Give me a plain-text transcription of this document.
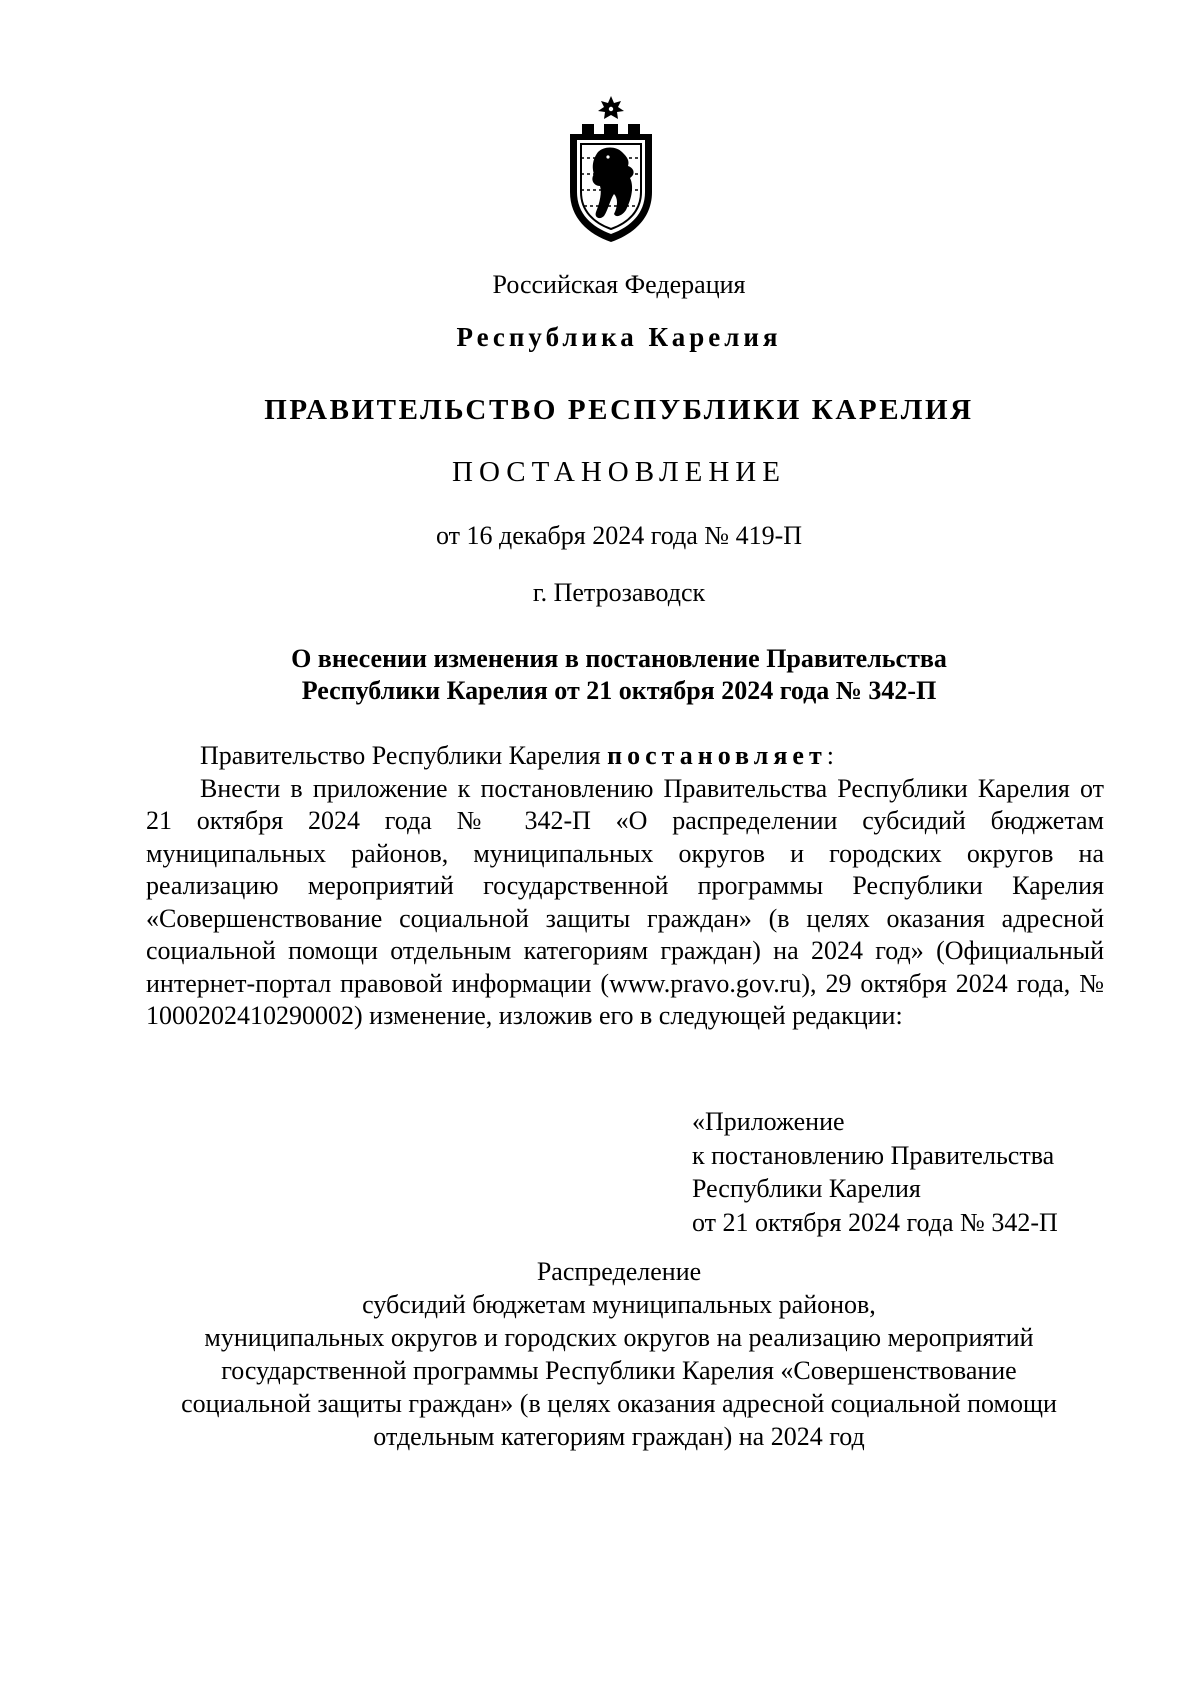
Российская Федерация
Республика Карелия
ПРАВИТЕЛЬСТВО РЕСПУБЛИКИ КАРЕЛИЯ
ПОСТАНОВЛЕНИЕ
от 16 декабря 2024 года № 419-П
г. Петрозаводск
О внесении изменения в постановление Правительства
Республики Карелия от 21 октября 2024 года № 342-П

Правительство Республики Карелия постановляет:

Внести в приложение к постановлению Правительства Республики Карелия от 21 октября 2024 года № 342-П «О распределении субсидий бюджетам муниципальных районов, муниципальных округов и городских округов на реализацию мероприятий государственной программы Республики Карелия «Совершенствование социальной защиты граждан» (в целях оказания адресной социальной помощи отдельным категориям граждан) на 2024 год» (Официальный интернет-портал правовой информации (www.pravo.gov.ru), 29 октября 2024 года, № 1000202410290002) изменение, изложив его в следующей редакции:

«Приложение
к постановлению Правительства
Республики Карелия
от 21 октября 2024 года № 342-П
Распределение
субсидий бюджетам муниципальных районов,
муниципальных округов и городских округов на реализацию мероприятий
государственной программы Республики Карелия «Совершенствование
социальной защиты граждан» (в целях оказания адресной социальной помощи
отдельным категориям граждан) на 2024 год
